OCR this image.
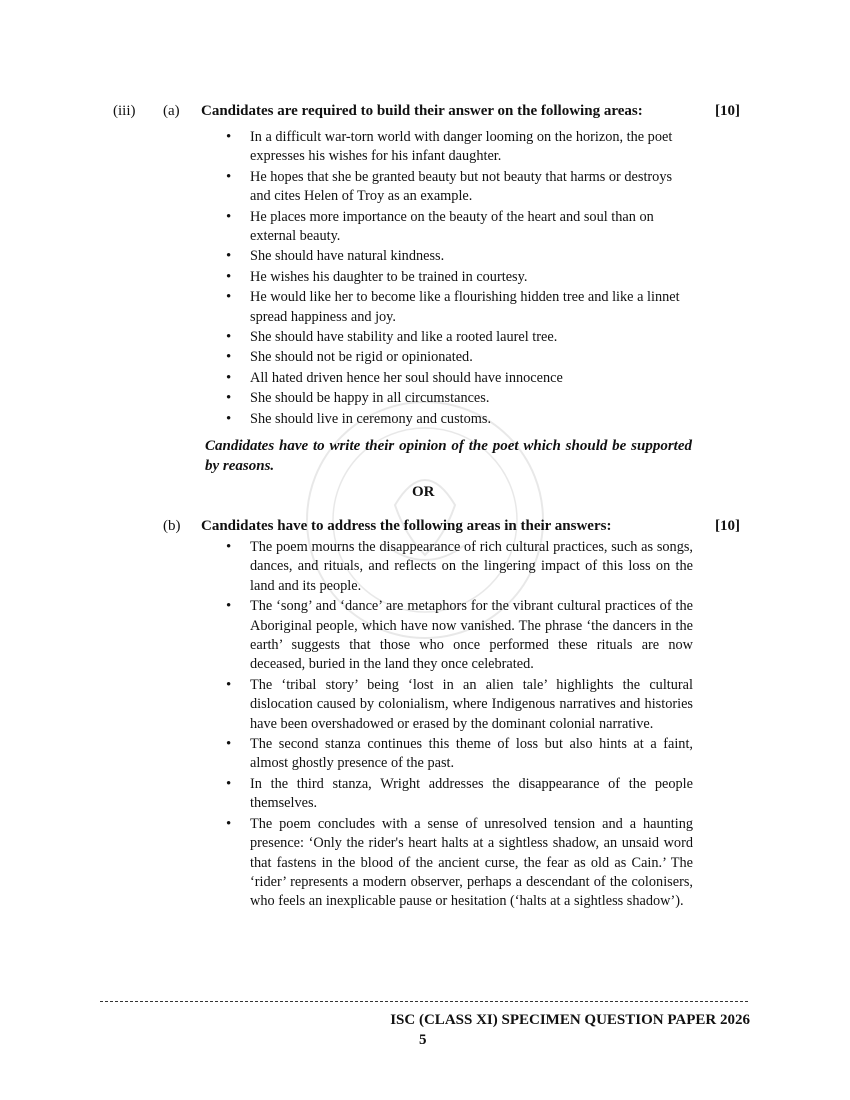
(iii) (a) Candidates are required to build their answer on the following areas:	[10]
• In a difficult war-torn world with danger looming on the horizon, the poet expresses his wishes for his infant daughter.
• He hopes that she be granted beauty but not beauty that harms or destroys and cites Helen of Troy as an example.
• He places more importance on the beauty of the heart and soul than on external beauty.
• She should have natural kindness.
• He wishes his daughter to be trained in courtesy.
• He would like her to become like a flourishing hidden tree and like a linnet spread happiness and joy.
• She should have stability and like a rooted laurel tree.
• She should not be rigid or opinionated.
• All hated driven hence her soul should have innocence
• She should be happy in all circumstances.
• She should live in ceremony and customs.
Candidates have to write their opinion of the poet which should be supported by reasons.
OR
(b) Candidates have to address the following areas in their answers:	[10]
• The poem mourns the disappearance of rich cultural practices, such as songs, dances, and rituals, and reflects on the lingering impact of this loss on the land and its people.
• The ‘song’ and ‘dance’ are metaphors for the vibrant cultural practices of the Aboriginal people, which have now vanished. The phrase ‘the dancers in the earth’ suggests that those who once performed these rituals are now deceased, buried in the land they once celebrated.
• The ‘tribal story’ being ‘lost in an alien tale’ highlights the cultural dislocation caused by colonialism, where Indigenous narratives and histories have been overshadowed or erased by the dominant colonial narrative.
• The second stanza continues this theme of loss but also hints at a faint, almost ghostly presence of the past.
• In the third stanza, Wright addresses the disappearance of the people themselves.
• The poem concludes with a sense of unresolved tension and a haunting presence: ‘Only the rider's heart halts at a sightless shadow, an unsaid word that fastens in the blood of the ancient curse, the fear as old as Cain.’ The ‘rider’ represents a modern observer, perhaps a descendant of the colonisers, who feels an inexplicable pause or hesitation (‘halts at a sightless shadow’).
ISC (CLASS XI) SPECIMEN QUESTION PAPER 2026
5
